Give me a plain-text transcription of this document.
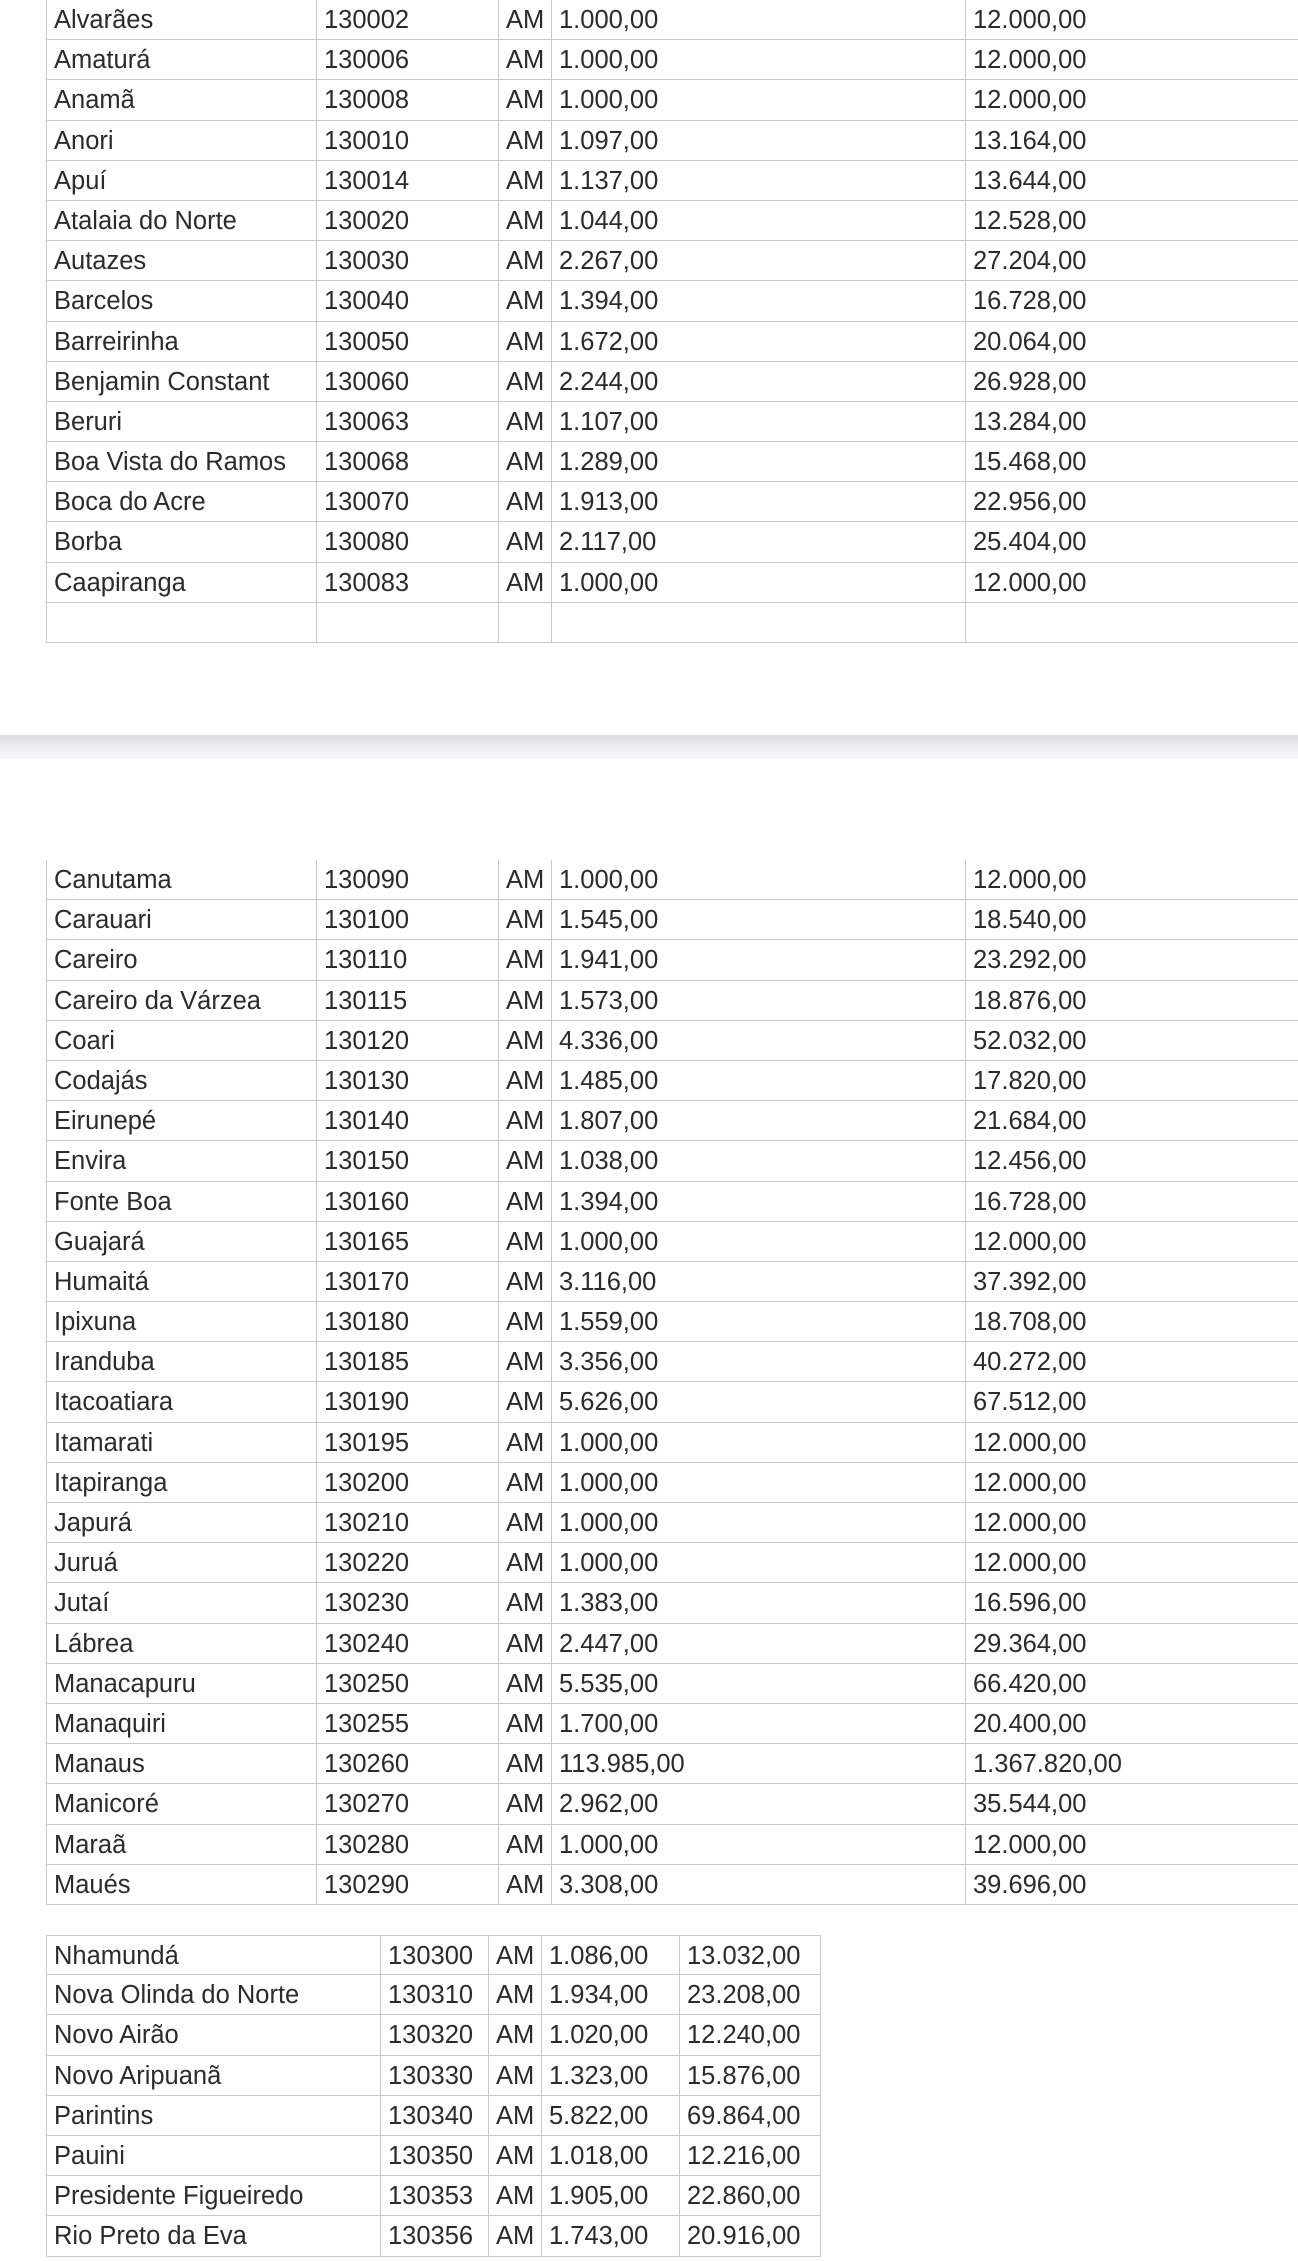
Alvarães	130002	AM 1.000,00	12.000,00
Amaturá	130006	AM 1.000,00	12.000,00
Anamã	130008	AM 1.000,00	12.000,00
Anori	130010	AM 1.097,00	13.164,00
Apuí	130014	AM 1.137,00	13.644,00
Atalaia do Norte	130020	AM 1.044,00	12.528,00
Autazes	130030	AM 2.267,00	27.204,00
Barcelos	130040	AM 1.394,00	16.728,00
Barreirinha	130050	AM 1.672,00	20.064,00
Benjamin Constant	130060	AM 2.244,00	26.928,00
Beruri	130063	AM 1.107,00	13.284,00
Boa Vista do Ramos	130068	AM 1.289,00	15.468,00
Boca do Acre	130070	AM 1.913,00	22.956,00
Borba	130080	AM 2.117,00	25.404,00
Caapiranga	130083	AM 1.000,00	12.000,00
Canutama	130090	AM 1.000,00	12.000,00
Carauari	130100	AM 1.545,00	18.540,00
Careiro	130110	AM 1.941,00	23.292,00
Careiro da Várzea	130115	AM 1.573,00	18.876,00
Coari	130120	AM 4.336,00	52.032,00
Codajás	130130	AM 1.485,00	17.820,00
Eirunepé	130140	AM 1.807,00	21.684,00
Envira	130150	AM 1.038,00	12.456,00
Fonte Boa	130160	AM 1.394,00	16.728,00
Guajará	130165	AM 1.000,00	12.000,00
Humaitá	130170	AM 3.116,00	37.392,00
Ipixuna	130180	AM 1.559,00	18.708,00
Iranduba	130185	AM 3.356,00	40.272,00
Itacoatiara	130190	AM 5.626,00	67.512,00
Itamarati	130195	AM 1.000,00	12.000,00
Itapiranga	130200	AM 1.000,00	12.000,00
Japurá	130210	AM 1.000,00	12.000,00
Juruá	130220	AM 1.000,00	12.000,00
Jutaí	130230	AM 1.383,00	16.596,00
Lábrea	130240	AM 2.447,00	29.364,00
Manacapuru	130250	AM 5.535,00	66.420,00
Manaquiri	130255	AM 1.700,00	20.400,00
Manaus	130260	AM 113.985,00	1.367.820,00
Manicoré	130270	AM 2.962,00	35.544,00
Maraã	130280	AM 1.000,00	12.000,00
Maués	130290	AM 3.308,00	39.696,00
Nhamundá	130300 AM 1.086,00	13.032,00
Nova Olinda do Norte	130310 AM 1.934,00	23.208,00
Novo Airão	130320 AM 1.020,00	12.240,00
Novo Aripuanã	130330 AM 1.323,00	15.876,00
Parintins	130340 AM 5.822,00	69.864,00
Pauini	130350 AM 1.018,00	12.216,00
Presidente Figueiredo	130353 AM 1.905,00	22.860,00
Rio Preto da Eva	130356 AM 1.743,00	20.916,00
